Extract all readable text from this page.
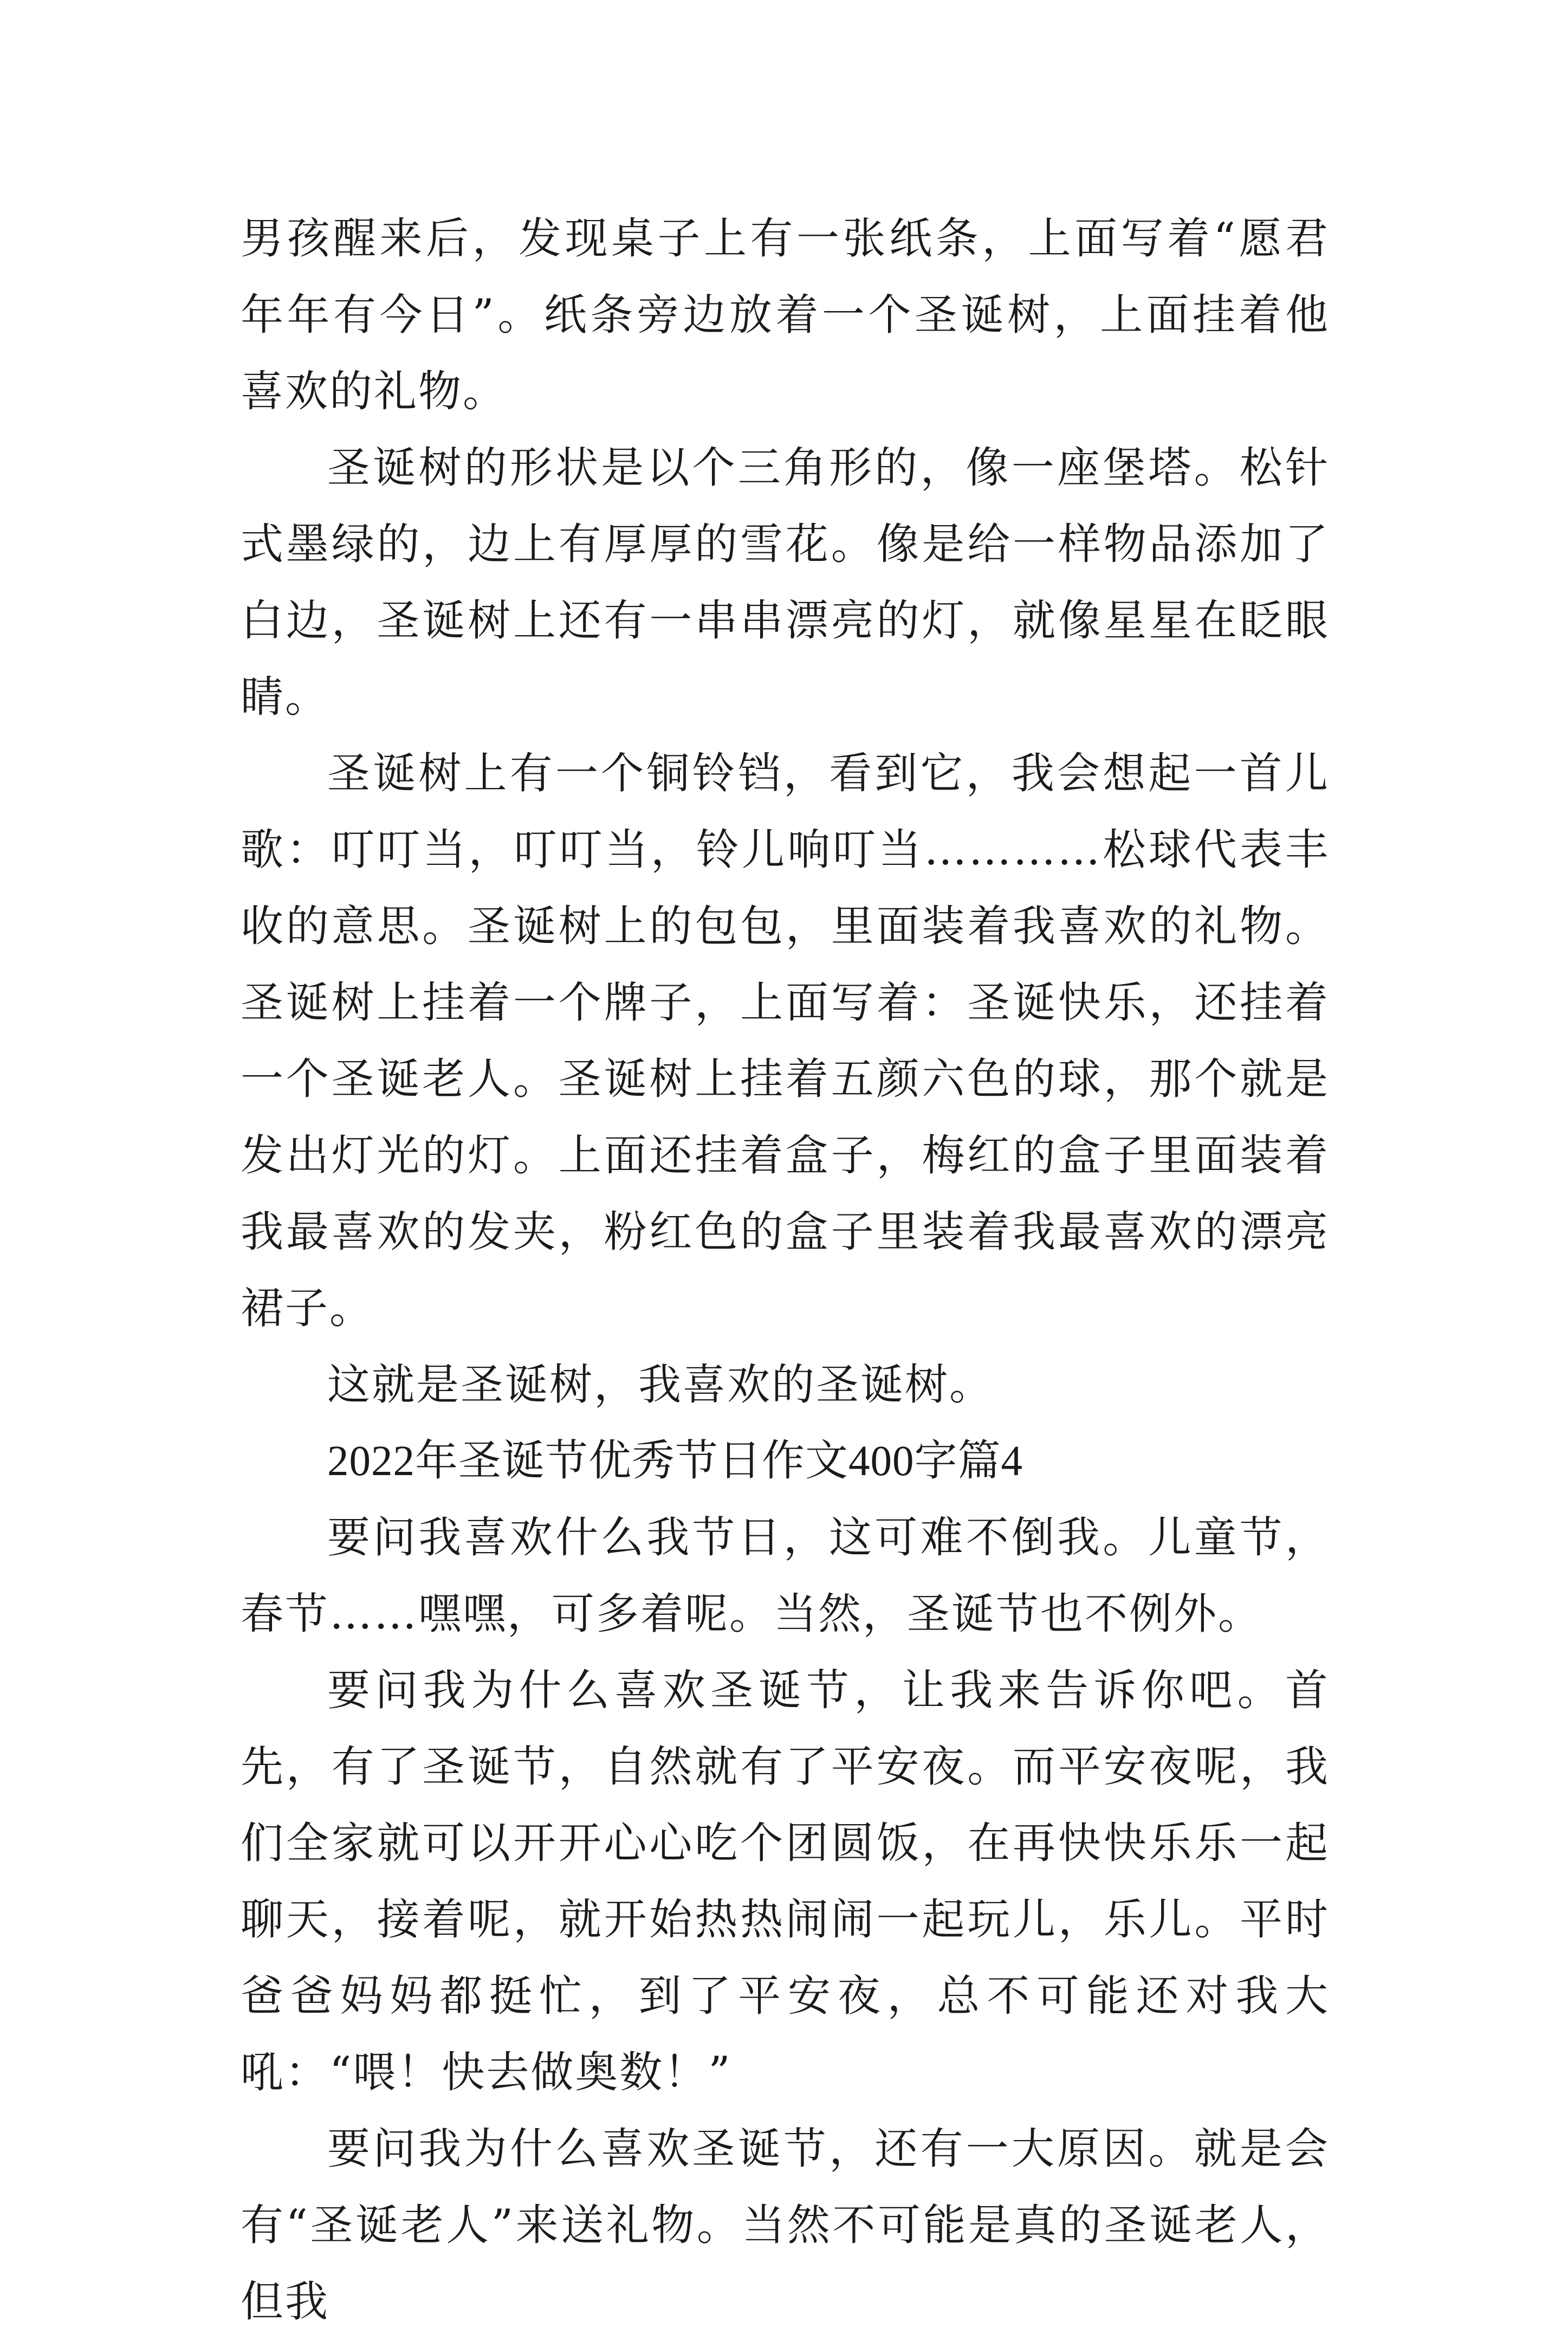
男孩醒来后，发现桌子上有一张纸条，上面写着“愿君年年有今日”。纸条旁边放着一个圣诞树，上面挂着他喜欢的礼物。

圣诞树的形状是以个三角形的，像一座堡塔。松针式墨绿的，边上有厚厚的雪花。像是给一样物品添加了白边，圣诞树上还有一串串漂亮的灯，就像星星在眨眼睛。

圣诞树上有一个铜铃铛，看到它，我会想起一首儿歌：叮叮当，叮叮当，铃儿响叮当…………松球代表丰收的意思。圣诞树上的包包，里面装着我喜欢的礼物。圣诞树上挂着一个牌子，上面写着：圣诞快乐，还挂着一个圣诞老人。圣诞树上挂着五颜六色的球，那个就是发出灯光的灯。上面还挂着盒子，梅红的盒子里面装着我最喜欢的发夹，粉红色的盒子里装着我最喜欢的漂亮裙子。

这就是圣诞树，我喜欢的圣诞树。

2022年圣诞节优秀节日作文400字篇4

要问我喜欢什么我节日，这可难不倒我。儿童节，春节……嘿嘿，可多着呢。当然，圣诞节也不例外。

要问我为什么喜欢圣诞节，让我来告诉你吧。首先，有了圣诞节，自然就有了平安夜。而平安夜呢，我们全家就可以开开心心吃个团圆饭，在再快快乐乐一起聊天，接着呢，就开始热热闹闹一起玩儿，乐儿。平时爸爸妈妈都挺忙，到了平安夜，总不可能还对我大吼：“喂！快去做奥数！”

要问我为什么喜欢圣诞节，还有一大原因。就是会有“圣诞老人”来送礼物。当然不可能是真的圣诞老人，但我
